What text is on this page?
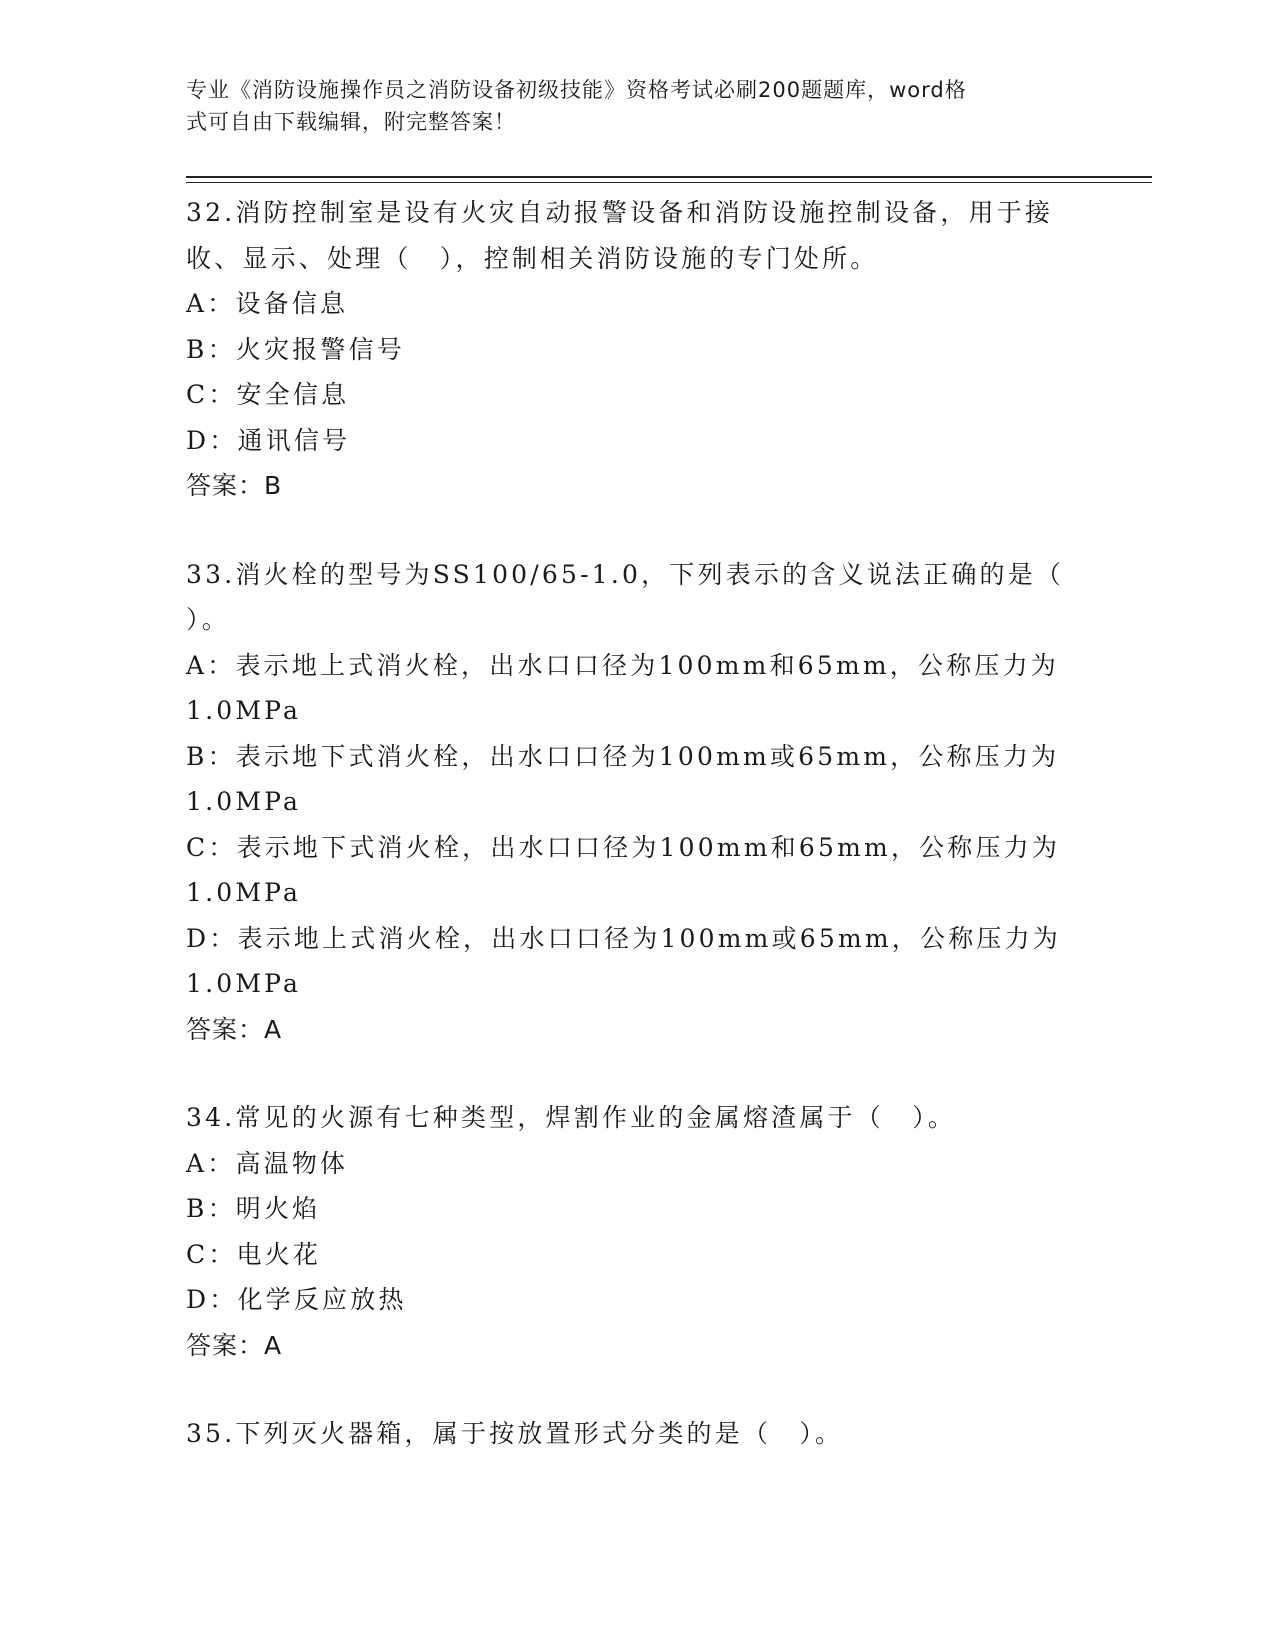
专业《消防设施操作员之消防设备初级技能》资格考试必刷200题题库，word格
式可自由下载编辑，附完整答案！
32.消防控制室是设有火灾自动报警设备和消防设施控制设备，用于接
收、显示、处理（　），控制相关消防设施的专门处所。
A：设备信息
B：火灾报警信号
C：安全信息
D：通讯信号
答案：B
33.消火栓的型号为SS100/65-1.0，下列表示的含义说法正确的是（
）。
A：表示地上式消火栓，出水口口径为100mm和65mm，公称压力为
1.0MPa
B：表示地下式消火栓，出水口口径为100mm或65mm，公称压力为
1.0MPa
C：表示地下式消火栓，出水口口径为100mm和65mm，公称压力为
1.0MPa
D：表示地上式消火栓，出水口口径为100mm或65mm，公称压力为
1.0MPa
答案：A
34.常见的火源有七种类型，焊割作业的金属熔渣属于（　）。
A：高温物体
B：明火焰
C：电火花
D：化学反应放热
答案：A
35.下列灭火器箱，属于按放置形式分类的是（　）。
